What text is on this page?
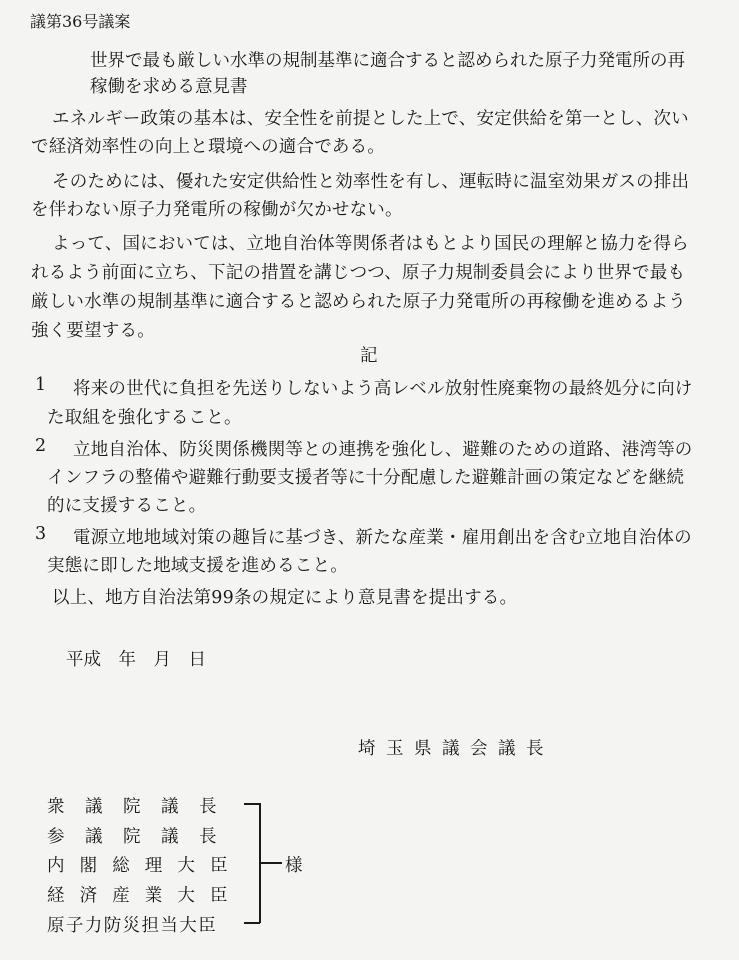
議第36号議案
世界で最も厳しい水準の規制基準に適合すると認められた原子力発電所の再
稼働を求める意見書
エネルギー政策の基本は、安全性を前提とした上で、安定供給を第一とし、次い
で経済効率性の向上と環境への適合である。
そのためには、優れた安定供給性と効率性を有し、運転時に温室効果ガスの排出
を伴わない原子力発電所の稼働が欠かせない。
よって、国においては、立地自治体等関係者はもとより国民の理解と協力を得ら
れるよう前面に立ち、下記の措置を講じつつ、原子力規制委員会により世界で最も
厳しい水準の規制基準に適合すると認められた原子力発電所の再稼働を進めるよう
強く要望する。
記
1 将来の世代に負担を先送りしないよう高レベル放射性廃棄物の最終処分に向け
た取組を強化すること。
2 立地自治体、防災関係機関等との連携を強化し、避難のための道路、港湾等の
インフラの整備や避難行動要支援者等に十分配慮した避難計画の策定などを継続
的に支援すること。
3 電源立地地域対策の趣旨に基づき、新たな産業・雇用創出を含む立地自治体の
実態に即した地域支援を進めること。
以上、地方自治法第99条の規定により意見書を提出する。
平成　年　月　日
埼玉県議会議長
衆　議　院　議　長
参　議　院　議　長
内　閣　総　理　大　臣
経　済　産　業　大　臣
原子力防災担当大臣
様
